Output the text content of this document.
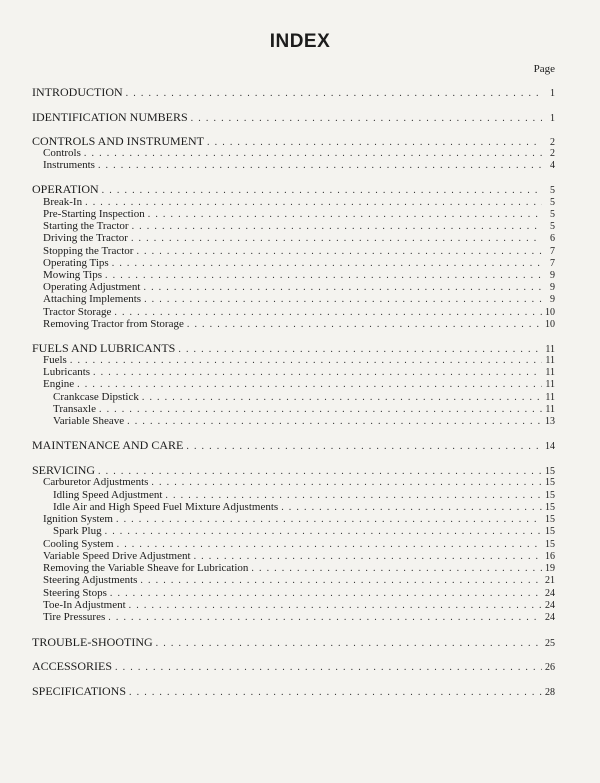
INDEX
Page
INTRODUCTION . . .	1
IDENTIFICATION NUMBERS . . .	1
CONTROLS AND INSTRUMENT . . .	2
Controls . . .	2
Instruments . . .	4
OPERATION . . .	5
Break-In . . .	5
Pre-Starting Inspection . . .	5
Starting the Tractor . . .	5
Driving the Tractor . . .	6
Stopping the Tractor . . .	7
Operating Tips . . .	7
Mowing Tips . . .	9
Operating Adjustment . . .	9
Attaching Implements . . .	9
Tractor Storage . . .	10
Removing Tractor from Storage . . .	10
FUELS AND LUBRICANTS . . .	11
Fuels . . .	11
Lubricants . . .	11
Engine . . .	11
Crankcase Dipstick . . .	11
Transaxle . . .	11
Variable Sheave . . .	13
MAINTENANCE AND CARE . . .	14
SERVICING . . .	15
Carburetor Adjustments . . .	15
Idling Speed Adjustment . . .	15
Idle Air and High Speed Fuel Mixture Adjustments . . .	15
Ignition System . . .	15
Spark Plug . . .	15
Cooling System . . .	15
Variable Speed Drive Adjustment . . .	16
Removing the Variable Sheave for Lubrication . . .	19
Steering Adjustments . . .	21
Steering Stops . . .	24
Toe-In Adjustment . . .	24
Tire Pressures . . .	24
TROUBLE-SHOOTING . . .	25
ACCESSORIES . . .	26
SPECIFICATIONS . . .	28
